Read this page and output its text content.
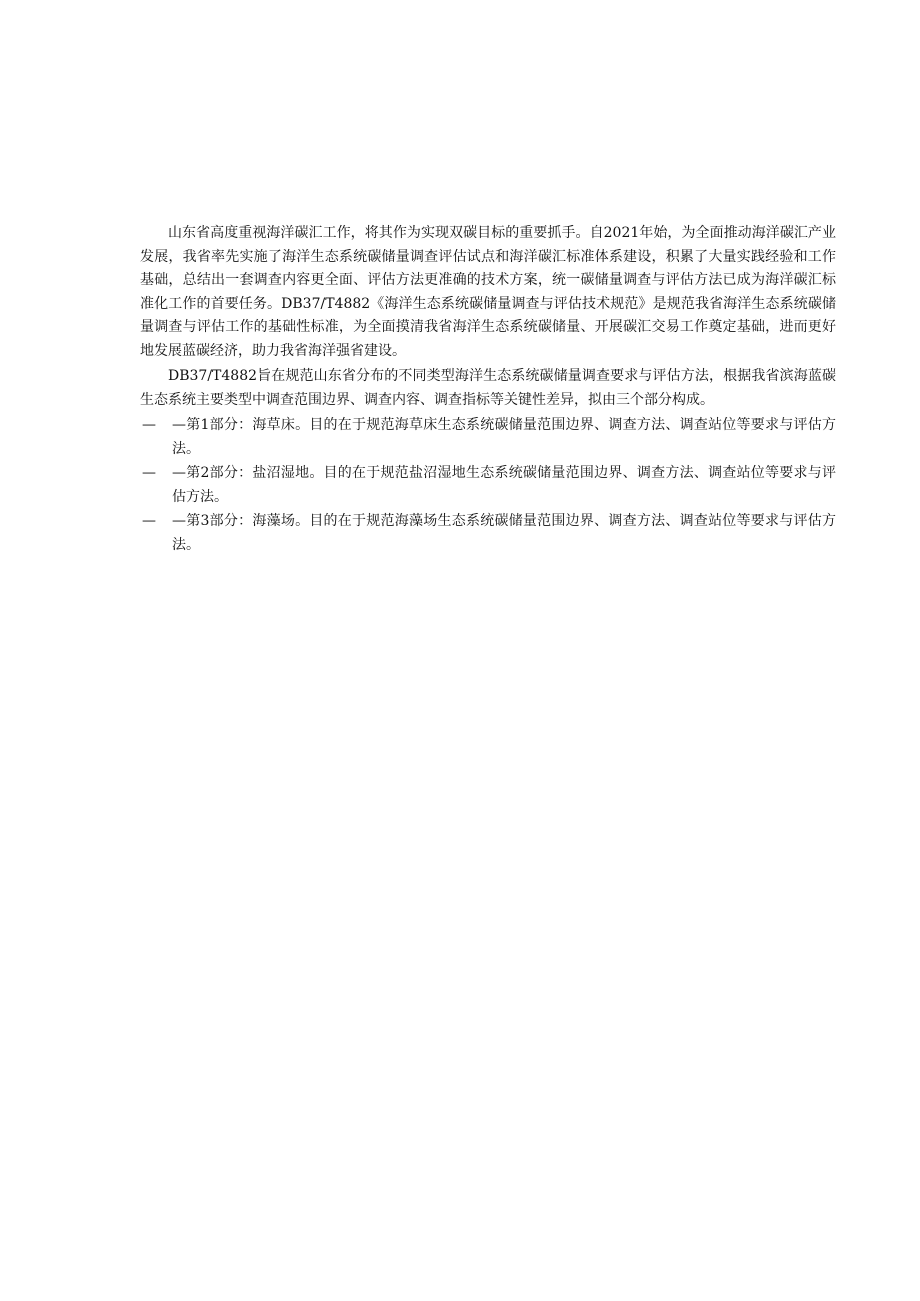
山东省高度重视海洋碳汇工作，将其作为实现双碳目标的重要抓手。自2021年始，为全面推动海洋碳汇产业发展，我省率先实施了海洋生态系统碳储量调查评估试点和海洋碳汇标准体系建设，积累了大量实践经验和工作基础，总结出一套调查内容更全面、评估方法更准确的技术方案，统一碳储量调查与评估方法已成为海洋碳汇标准化工作的首要任务。DB37/T4882《海洋生态系统碳储量调查与评估技术规范》是规范我省海洋生态系统碳储量调查与评估工作的基础性标准，为全面摸清我省海洋生态系统碳储量、开展碳汇交易工作奠定基础，进而更好地发展蓝碳经济，助力我省海洋强省建设。

DB37/T4882旨在规范山东省分布的不同类型海洋生态系统碳储量调查要求与评估方法，根据我省滨海蓝碳生态系统主要类型中调查范围边界、调查内容、调查指标等关键性差异，拟由三个部分构成。

— —第1部分：海草床。目的在于规范海草床生态系统碳储量范围边界、调查方法、调查站位等要求与评估方法。
— —第2部分：盐沼湿地。目的在于规范盐沼湿地生态系统碳储量范围边界、调查方法、调查站位等要求与评估方法。
— —第3部分：海藻场。目的在于规范海藻场生态系统碳储量范围边界、调查方法、调查站位等要求与评估方法。
